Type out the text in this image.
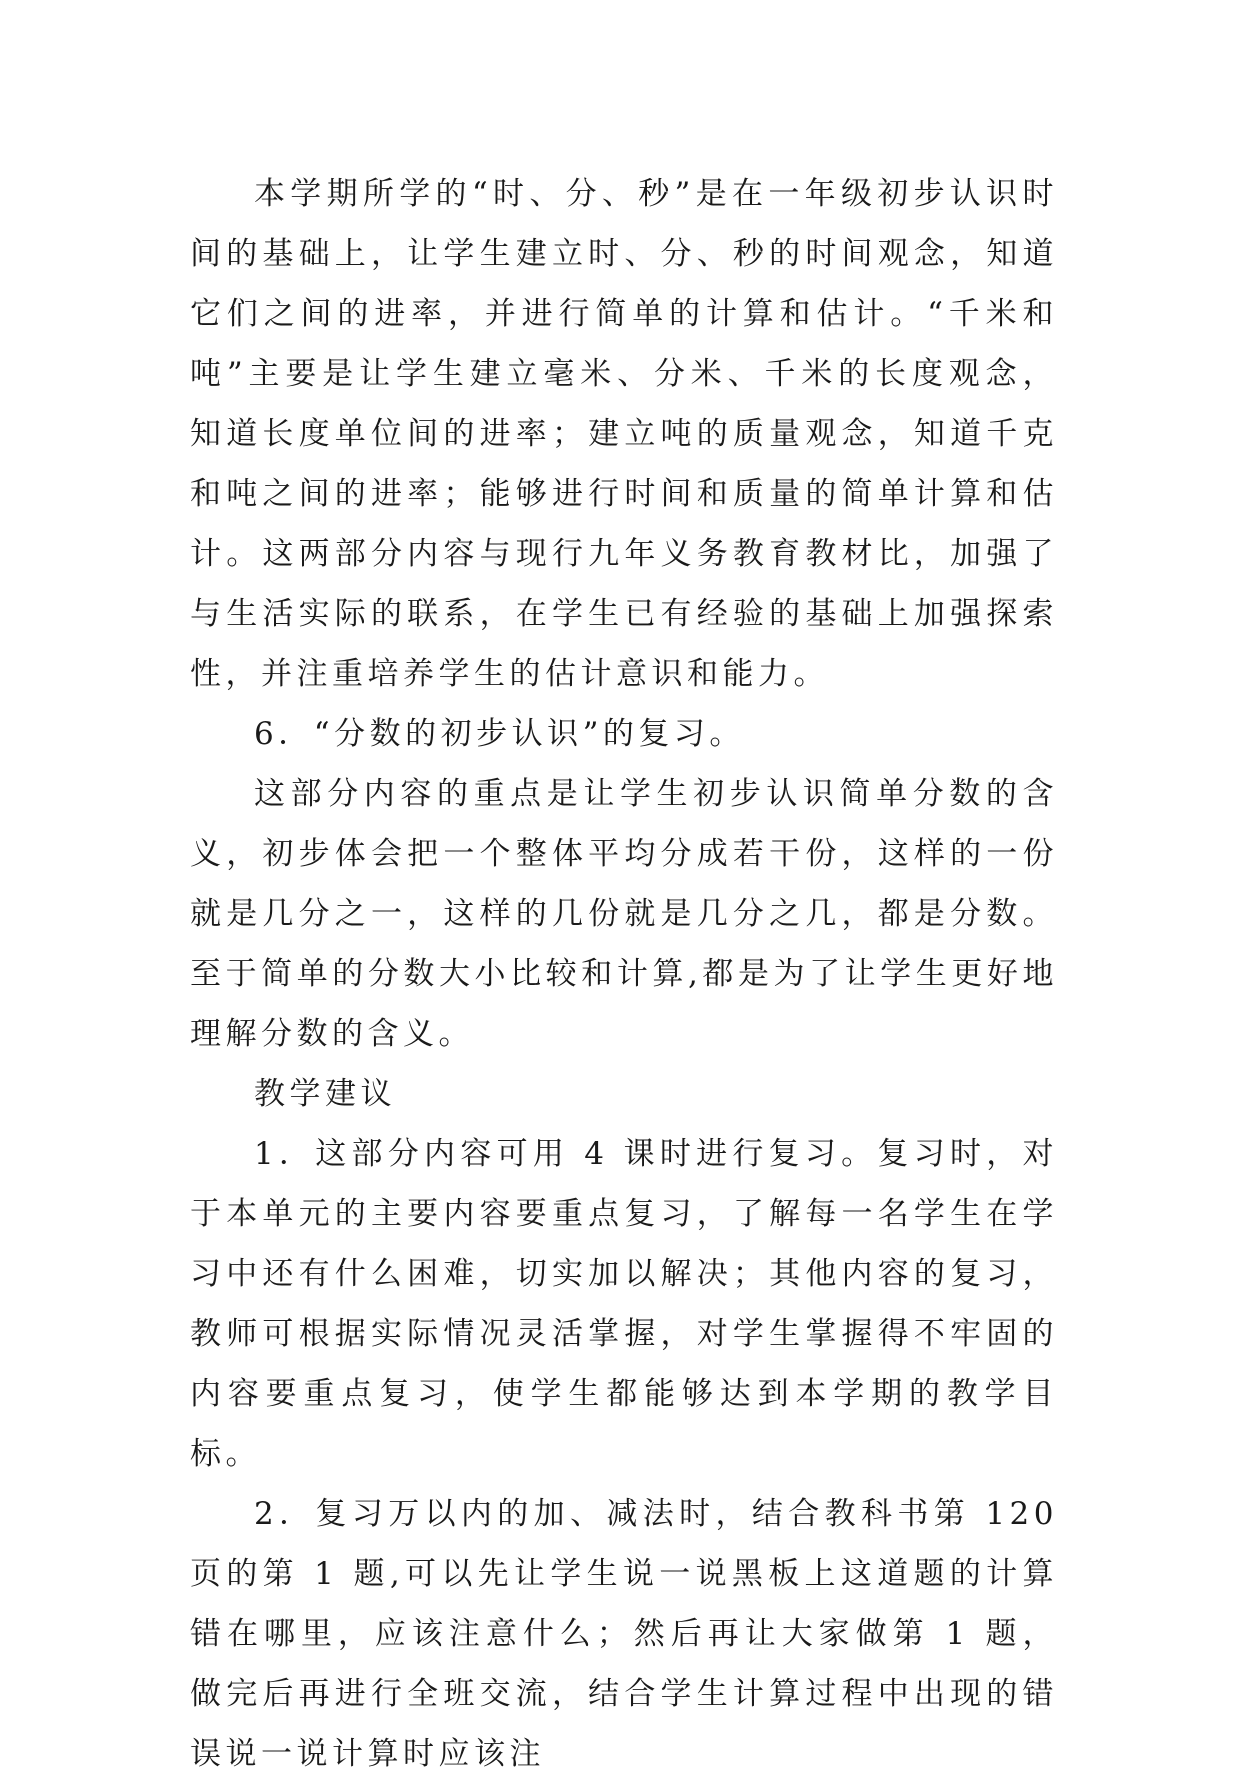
本学期所学的“时、分、秒”是在一年级初步认识时间的基础上，让学生建立时、分、秒的时间观念，知道它们之间的进率，并进行简单的计算和估计。“千米和吨”主要是让学生建立毫米、分米、千米的长度观念，知道长度单位间的进率；建立吨的质量观念，知道千克和吨之间的进率；能够进行时间和质量的简单计算和估计。这两部分内容与现行九年义务教育教材比，加强了与生活实际的联系，在学生已有经验的基础上加强探索性，并注重培养学生的估计意识和能力。

6．“分数的初步认识”的复习。

这部分内容的重点是让学生初步认识简单分数的含义，初步体会把一个整体平均分成若干份，这样的一份就是几分之一，这样的几份就是几分之几，都是分数。至于简单的分数大小比较和计算,都是为了让学生更好地理解分数的含义。

教学建议

1．这部分内容可用 4 课时进行复习。复习时，对于本单元的主要内容要重点复习，了解每一名学生在学习中还有什么困难，切实加以解决；其他内容的复习，教师可根据实际情况灵活掌握，对学生掌握得不牢固的内容要重点复习，使学生都能够达到本学期的教学目标。

2．复习万以内的加、减法时，结合教科书第 120 页的第 1 题,可以先让学生说一说黑板上这道题的计算错在哪里，应该注意什么；然后再让大家做第 1 题，做完后再进行全班交流，结合学生计算过程中出现的错误说一说计算时应该注
